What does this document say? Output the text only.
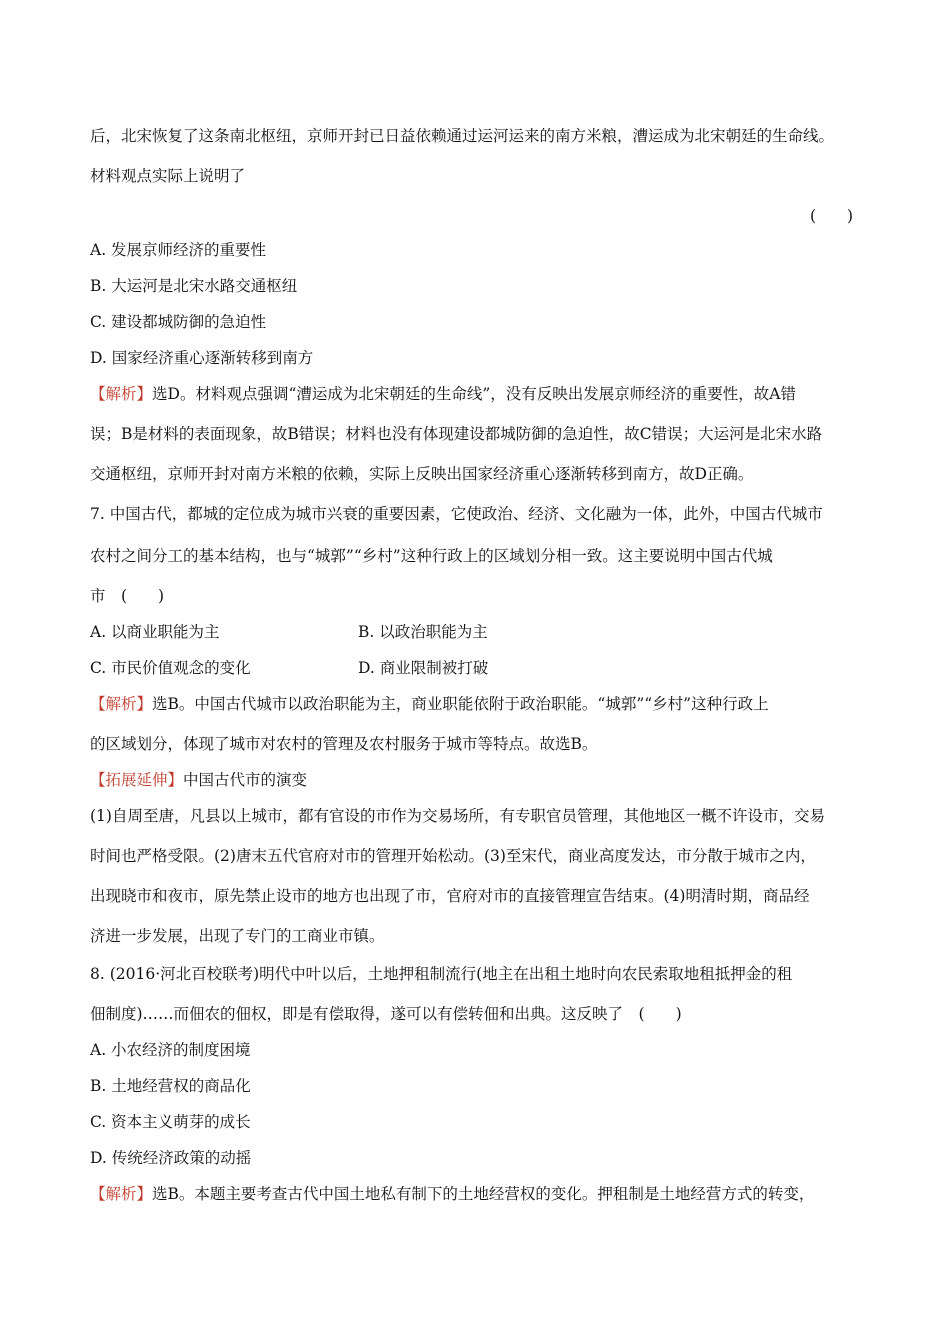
后，北宋恢复了这条南北枢纽，京师开封已日益依赖通过运河运来的南方米粮，漕运成为北宋朝廷的生命线。
材料观点实际上说明了
(　　)
A. 发展京师经济的重要性
B. 大运河是北宋水路交通枢纽
C. 建设都城防御的急迫性
D. 国家经济重心逐渐转移到南方
【解析】选D。材料观点强调“漕运成为北宋朝廷的生命线”，没有反映出发展京师经济的重要性，故A错
误；B是材料的表面现象，故B错误；材料也没有体现建设都城防御的急迫性，故C错误；大运河是北宋水路
交通枢纽，京师开封对南方米粮的依赖，实际上反映出国家经济重心逐渐转移到南方，故D正确。
7. 中国古代，都城的定位成为城市兴衰的重要因素，它使政治、经济、文化融为一体，此外，中国古代城市
农村之间分工的基本结构，也与“城郭”“乡村”这种行政上的区域划分相一致。这主要说明中国古代城
市　(　　)
A. 以商业职能为主	B. 以政治职能为主
C. 市民价值观念的变化	D. 商业限制被打破
【解析】选B。中国古代城市以政治职能为主，商业职能依附于政治职能。“城郭”“乡村”这种行政上
的区域划分，体现了城市对农村的管理及农村服务于城市等特点。故选B。
【拓展延伸】中国古代市的演变
(1)自周至唐，凡县以上城市，都有官设的市作为交易场所，有专职官员管理，其他地区一概不许设市，交易
时间也严格受限。(2)唐末五代官府对市的管理开始松动。(3)至宋代，商业高度发达，市分散于城市之内，
出现晓市和夜市，原先禁止设市的地方也出现了市，官府对市的直接管理宣告结束。(4)明清时期，商品经
济进一步发展，出现了专门的工商业市镇。
8. (2016·河北百校联考)明代中叶以后，土地押租制流行(地主在出租土地时向农民索取地租抵押金的租
佃制度)……而佃农的佃权，即是有偿取得，遂可以有偿转佃和出典。这反映了　(　　)
A. 小农经济的制度困境
B. 土地经营权的商品化
C. 资本主义萌芽的成长
D. 传统经济政策的动摇
【解析】选B。本题主要考查古代中国土地私有制下的土地经营权的变化。押租制是土地经营方式的转变，
